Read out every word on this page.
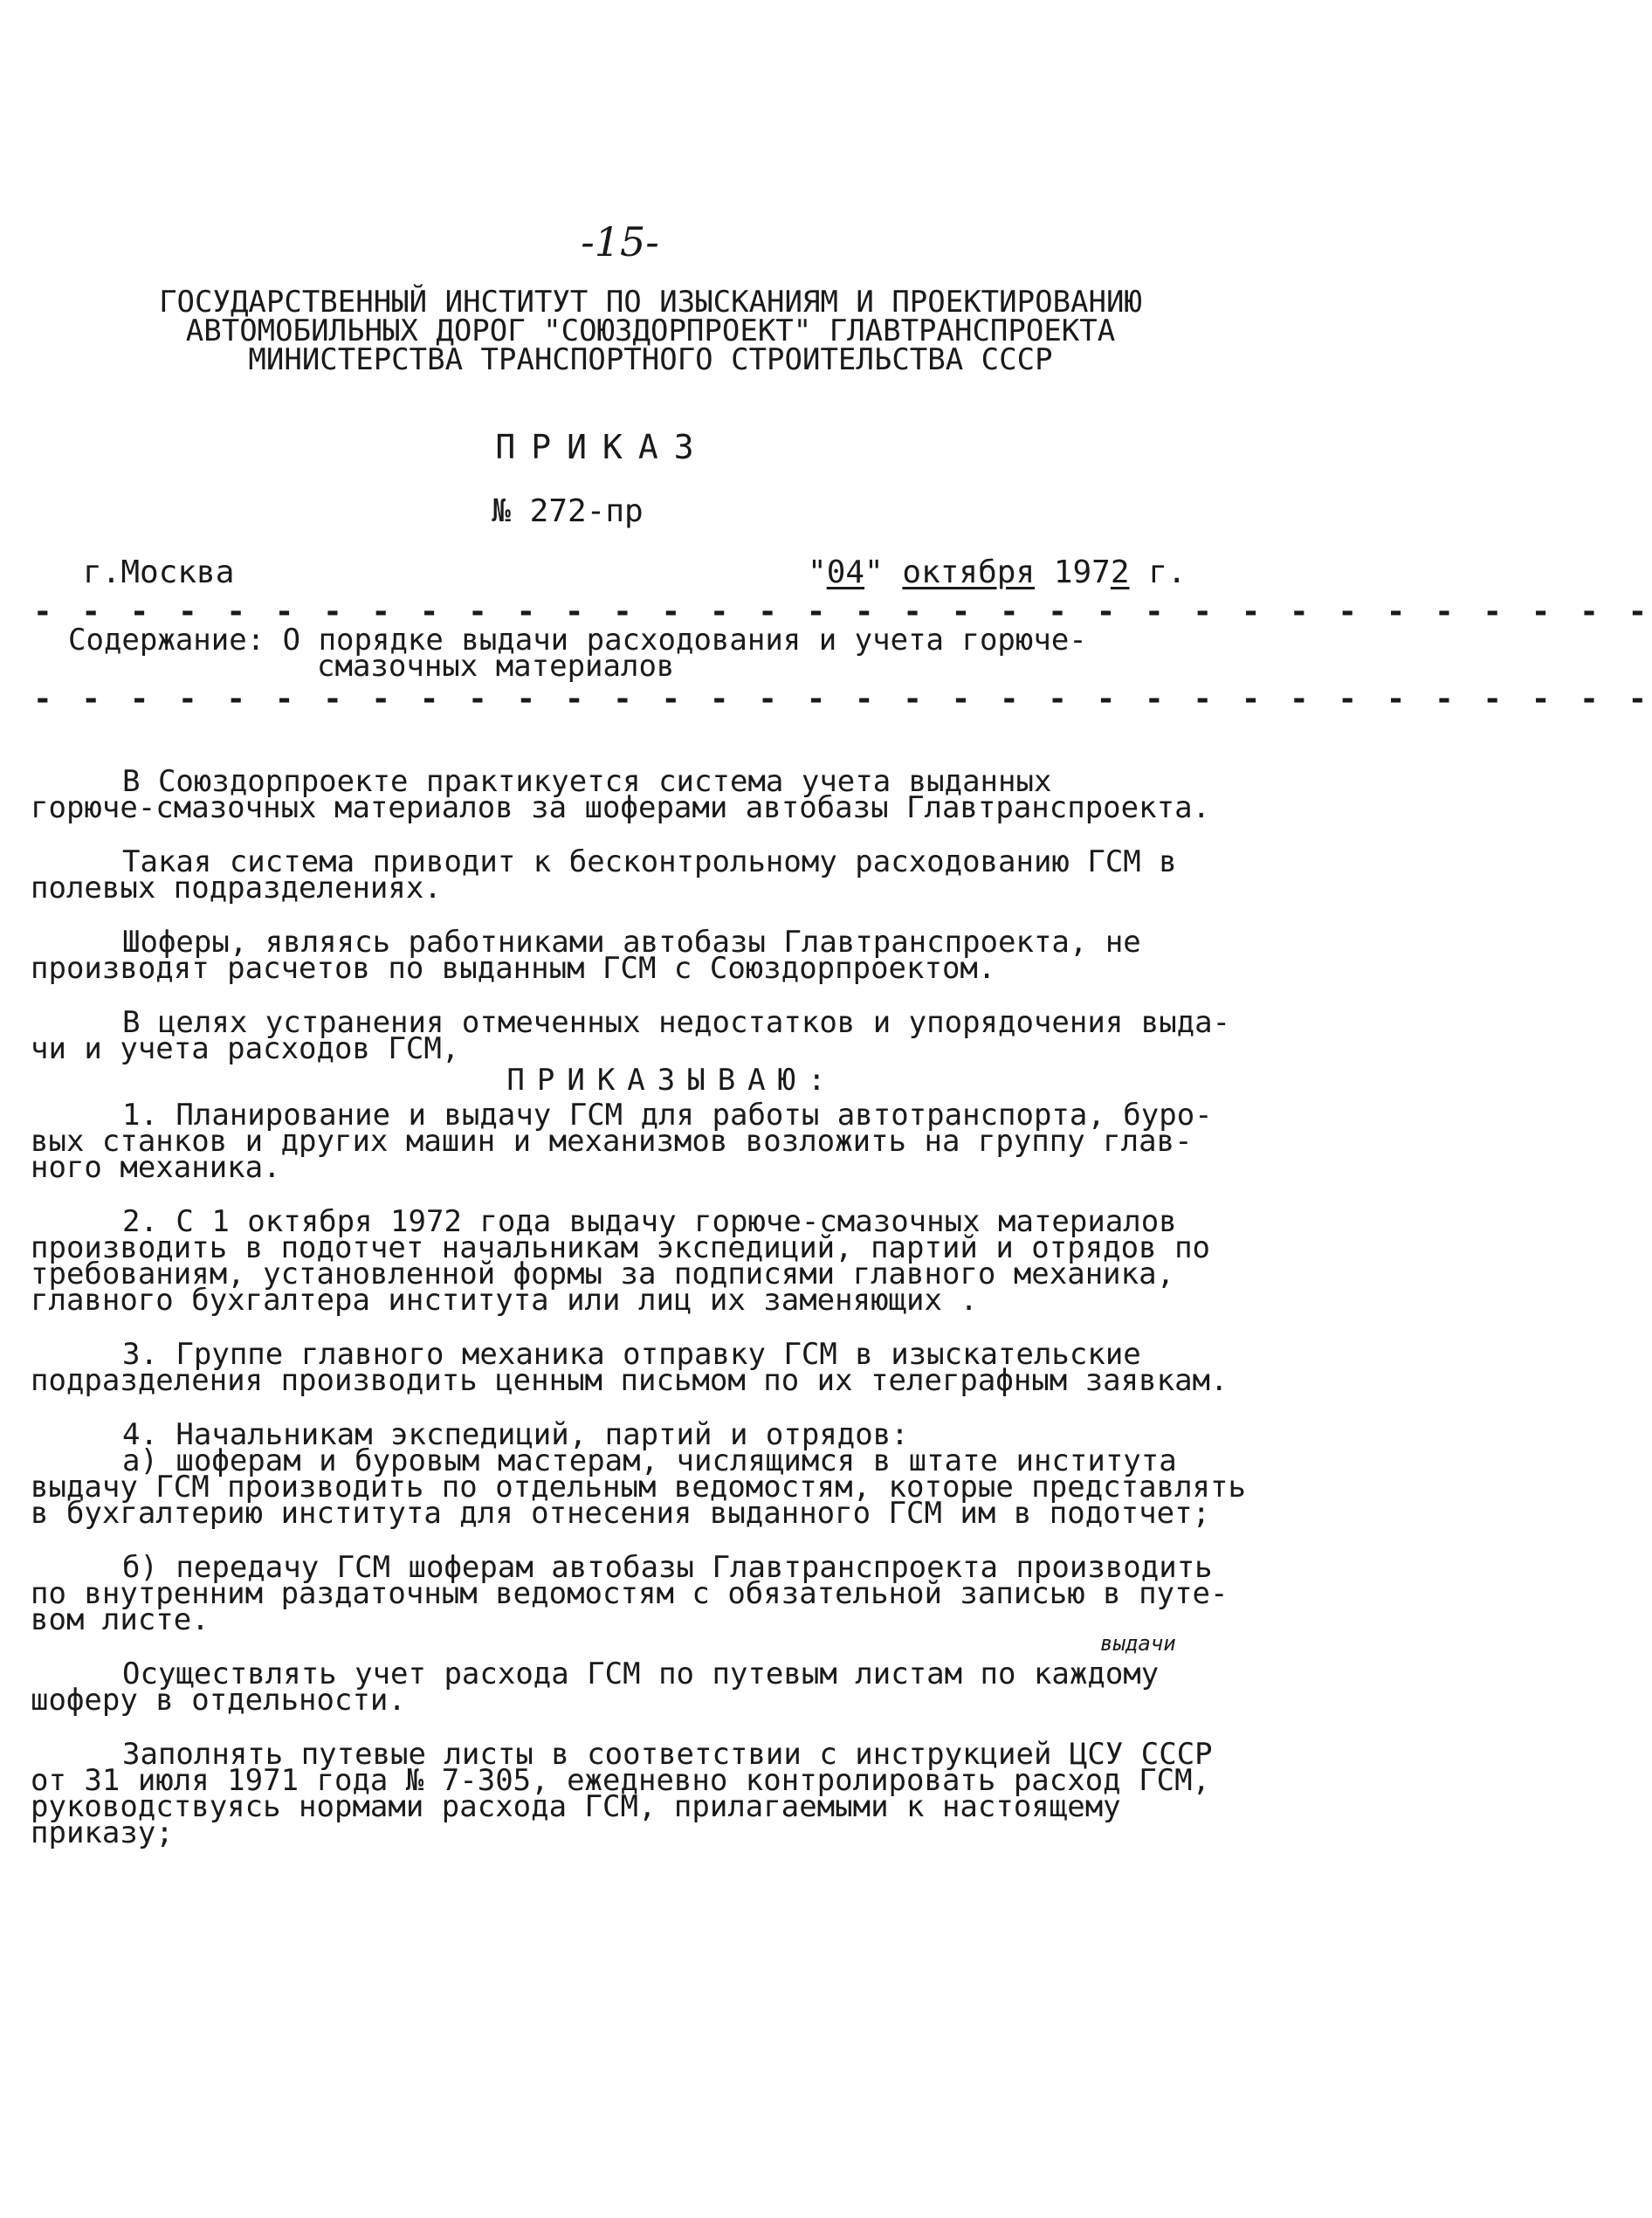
-15-
ГОСУДАРСТВЕННЫЙ ИНСТИТУТ ПО ИЗЫСКАНИЯМ И ПРОЕКТИРОВАНИЮ
АВТОМОБИЛЬНЫХ ДОРОГ "СОЮЗДОРПРОЕКТ" ГЛАВТРАНСПРОЕКТА
МИНИСТЕРСТВА ТРАНСПОРТНОГО СТРОИТЕЛЬСТВА СССР
ПРИКАЗ
№ 272-пр
г.Москва	"04" октября 1972 г.
- - - - - - - - - - - - - - - - - - - - - - - - - - - - - - - - - -
Содержание: О порядке выдачи расходования и учета горюче-
смазочных материалов
- - - - - - - - - - - - - - - - - - - - - - - - - - - - - - - - - -
В Союздорпроекте практикуется система учета выданных
горюче-смазочных материалов за шоферами автобазы Главтранспроекта.
Такая система приводит к бесконтрольному расходованию ГСМ в
полевых подразделениях.
Шоферы, являясь работниками автобазы Главтранспроекта, не
производят расчетов по выданным ГСМ с Союздорпроектом.
В целях устранения отмеченных недостатков и упорядочения выда-
чи и учета расходов ГСМ,
ПРИКАЗЫВАЮ:
1. Планирование и выдачу ГСМ для работы автотранспорта, буро-
вых станков и других машин и механизмов возложить на группу глав-
ного механика.
2. С 1 октября 1972 года выдачу горюче-смазочных материалов
производить в подотчет начальникам экспедиций, партий и отрядов по
требованиям, установленной формы за подписями главного механика,
главного бухгалтера института или лиц их заменяющих .
3. Группе главного механика отправку ГСМ в изыскательские
подразделения производить ценным письмом по их телеграфным заявкам.
4. Начальникам экспедиций, партий и отрядов:
а) шоферам и буровым мастерам, числящимся в штате института
выдачу ГСМ производить по отдельным ведомостям, которые представлять
в бухгалтерию института для отнесения выданного ГСМ им в подотчет;
б) передачу ГСМ шоферам автобазы Главтранспроекта производить
по внутренним раздаточным ведомостям с обязательной записью в путе-
вом листе.
Осуществлять учет расхода ГСМ по путевым листам по каждому
шоферу в отдельности.
Заполнять путевые листы в соответствии с инструкцией ЦСУ СССР
от 31 июля 1971 года № 7-305, ежедневно контролировать расход ГСМ,
руководствуясь нормами расхода ГСМ, прилагаемыми к настоящему
приказу;
выдачи
